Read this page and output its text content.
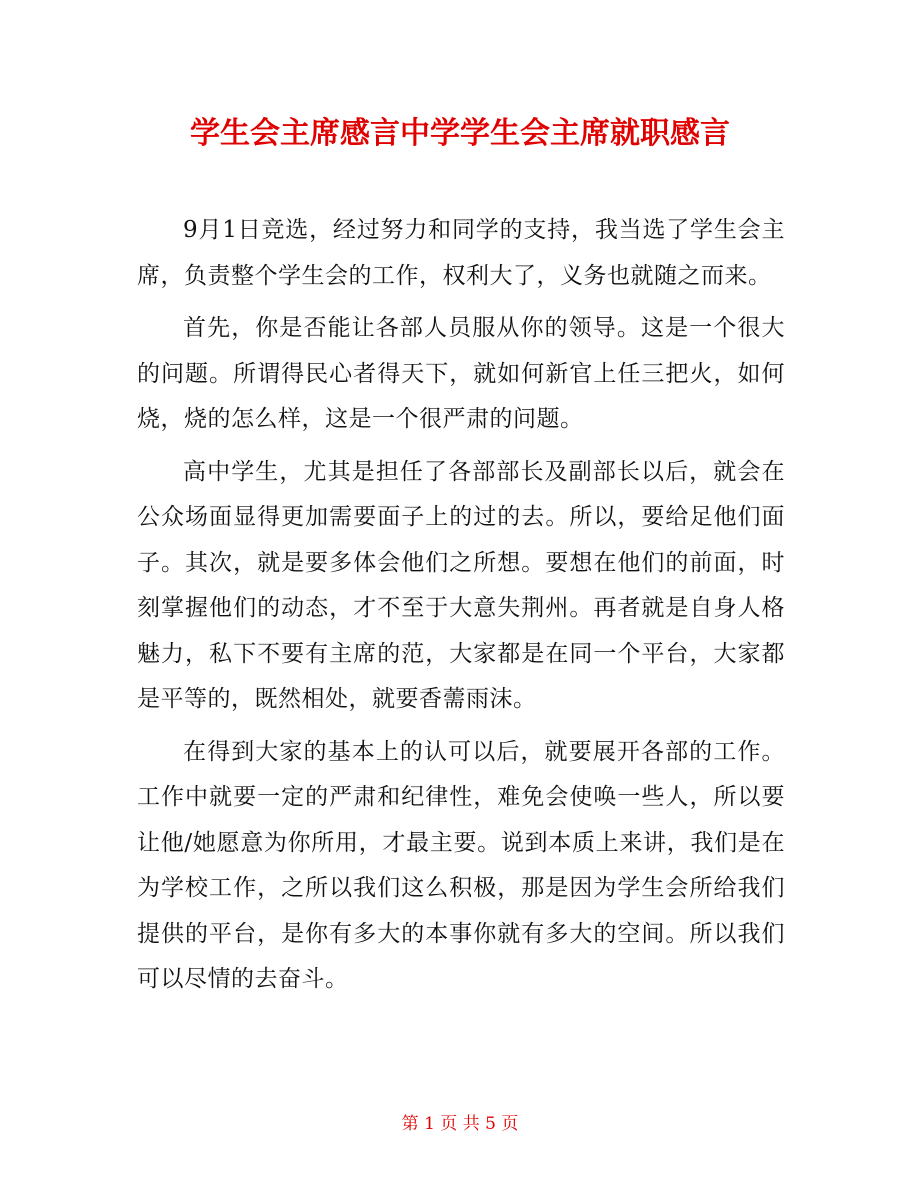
学生会主席感言中学学生会主席就职感言

9月1日竞选，经过努力和同学的支持，我当选了学生会主席，负责整个学生会的工作，权利大了，义务也就随之而来。

首先，你是否能让各部人员服从你的领导。这是一个很大的问题。所谓得民心者得天下，就如何新官上任三把火，如何烧，烧的怎么样，这是一个很严肃的问题。

高中学生，尤其是担任了各部部长及副部长以后，就会在公众场面显得更加需要面子上的过的去。所以，要给足他们面子。其次，就是要多体会他们之所想。要想在他们的前面，时刻掌握他们的动态，才不至于大意失荆州。再者就是自身人格魅力，私下不要有主席的范，大家都是在同一个平台，大家都是平等的，既然相处，就要香薷雨沫。

在得到大家的基本上的认可以后，就要展开各部的工作。工作中就要一定的严肃和纪律性，难免会使唤一些人，所以要让他/她愿意为你所用，才最主要。说到本质上来讲，我们是在为学校工作，之所以我们这么积极，那是因为学生会所给我们提供的平台，是你有多大的本事你就有多大的空间。所以我们可以尽情的去奋斗。

第 1 页 共 5 页
